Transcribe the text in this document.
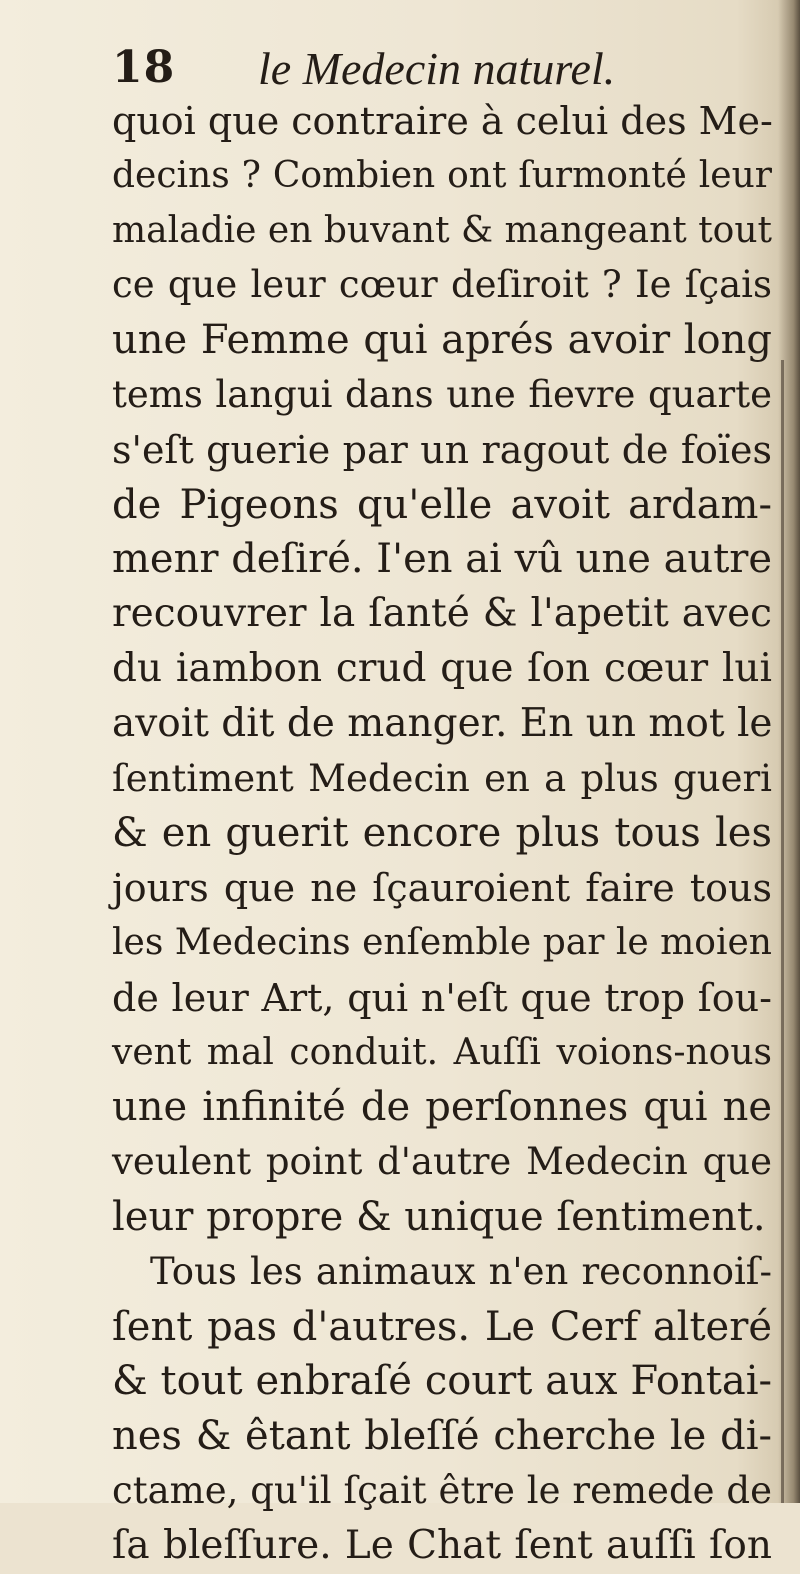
18 le Medecin naturel.
quoi que contraire à celui des Me-
decins ? Combien ont ſurmonté leur
maladie en buvant & mangeant tout
ce que leur cœur deſiroit ? Ie ſçais
une Femme qui aprés avoir long
tems langui dans une fievre quarte
s'eſt guerie par un ragout de foïes
de Pigeons qu'elle avoit ardam-
menr deſiré. I'en ai vû une autre
recouvrer la ſanté & l'apetit avec
du iambon crud que ſon cœur lui
avoit dit de manger. En un mot le
ſentiment Medecin en a plus gueri
& en guerit encore plus tous les
jours que ne ſçauroient faire tous
les Medecins enſemble par le moien
de leur Art, qui n'eſt que trop ſou-
vent mal conduit. Auſſi voions-nous
une infinité de perſonnes qui ne
veulent point d'autre Medecin que
leur propre & unique ſentiment.
Tous les animaux n'en reconnoiſ-
ſent pas d'autres. Le Cerf alteré
& tout enbraſé court aux Fontai-
nes & êtant bleſſé cherche le di-
ctame, qu'il ſçait être le remede de
ſa bleſſure. Le Chat ſent auſſi ſon
